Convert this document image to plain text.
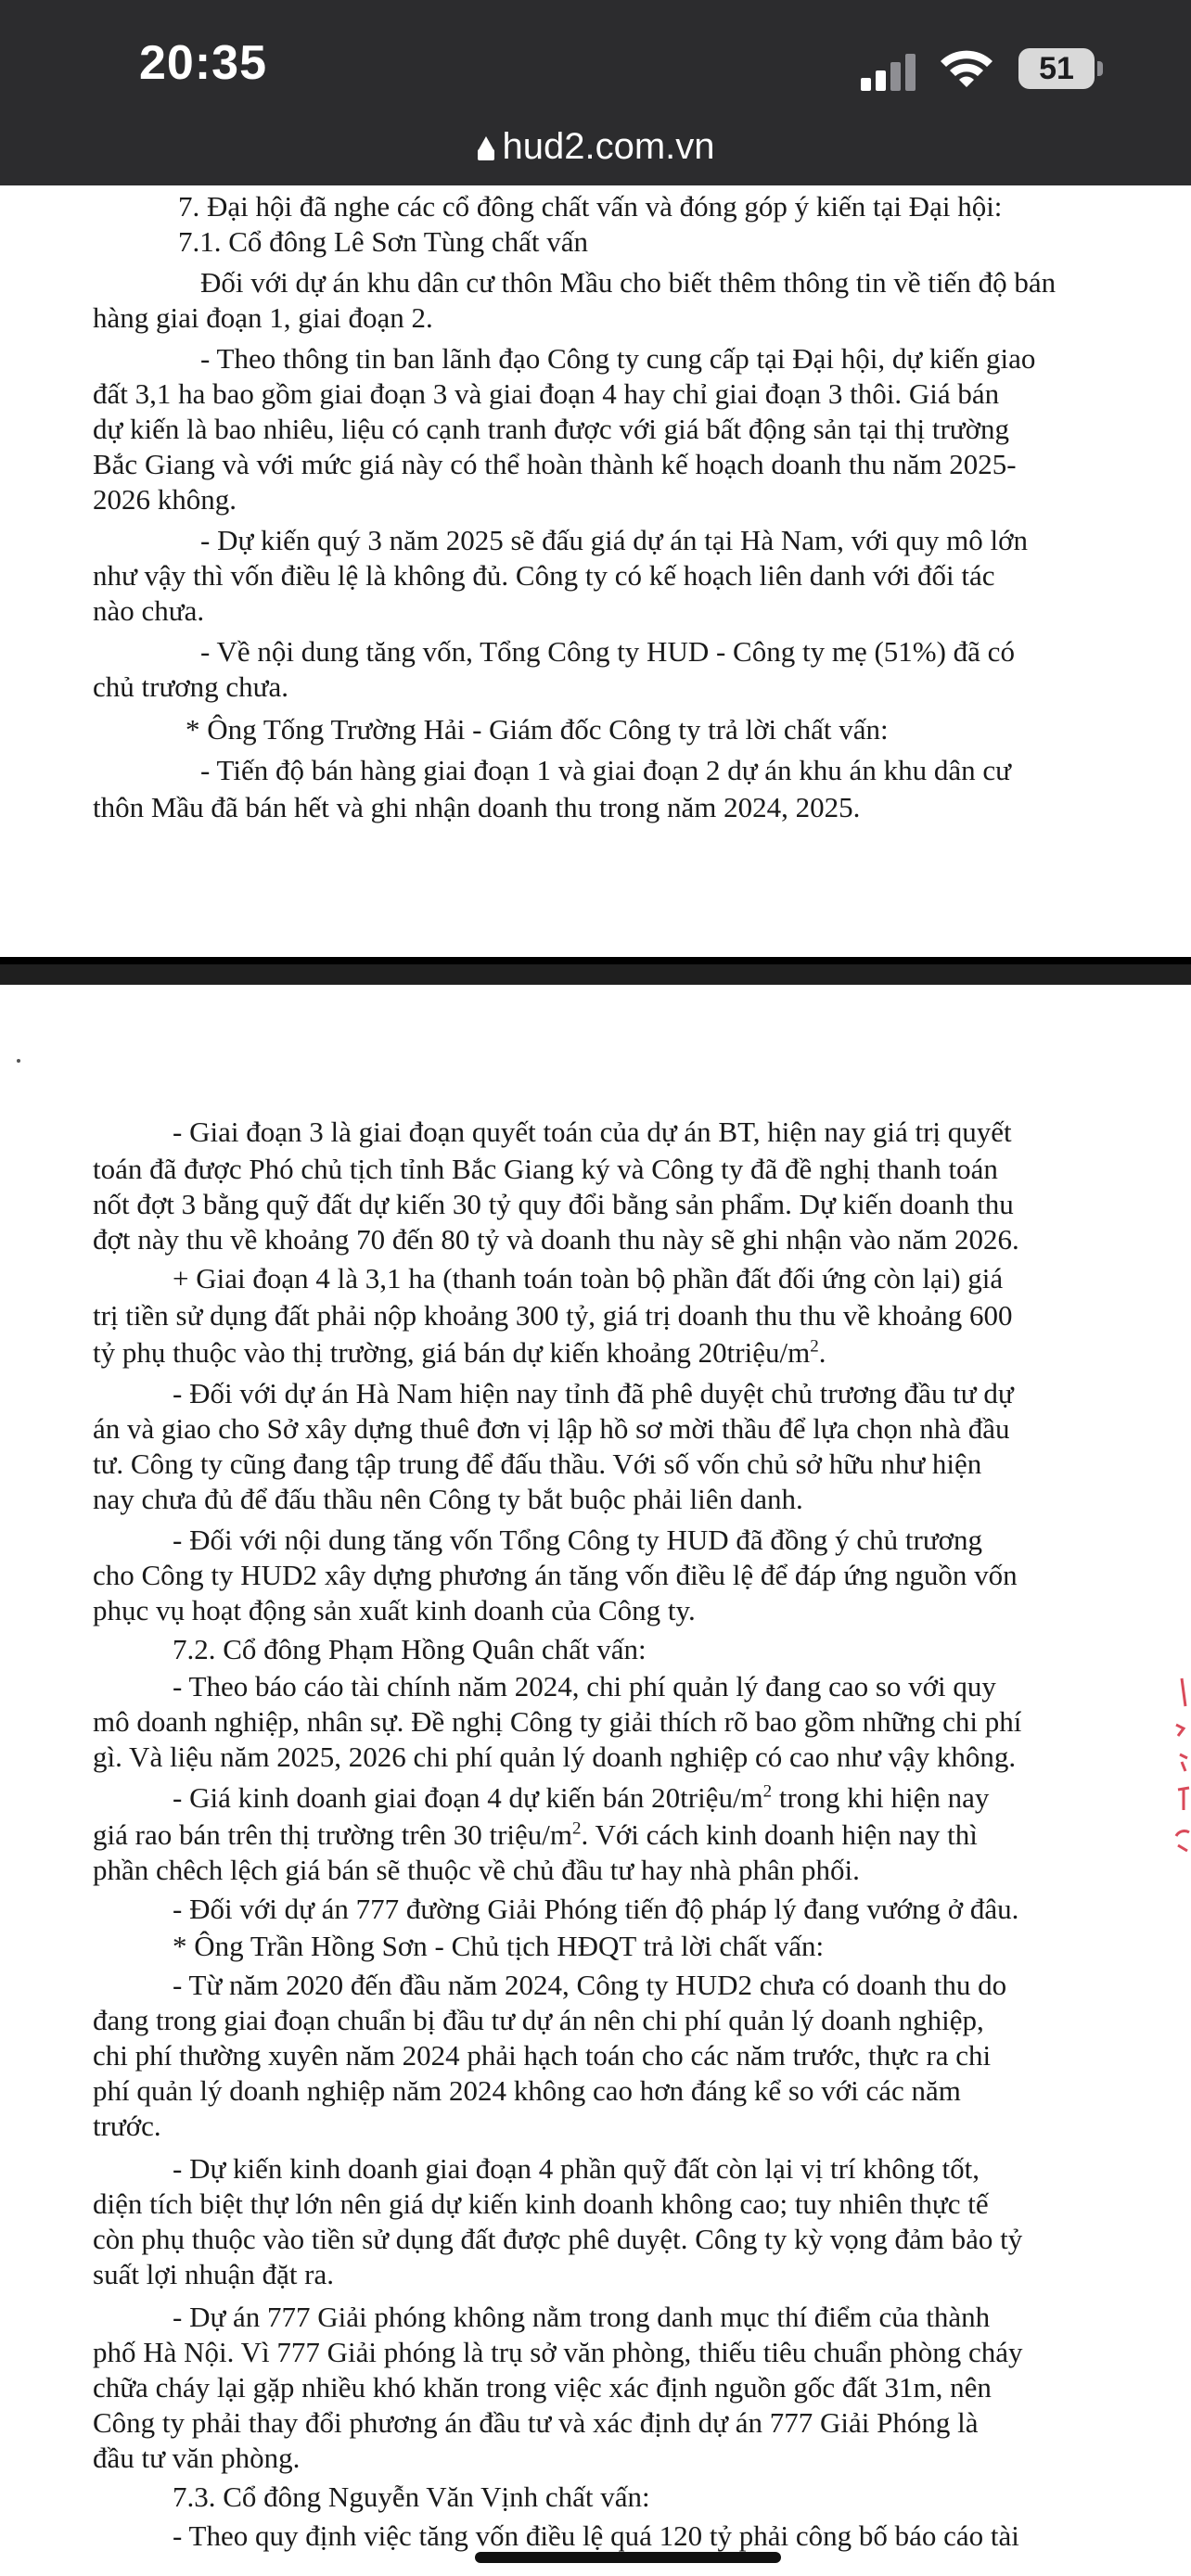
20:35	51
hud2.com.vn
7. Đại hội đã nghe các cổ đông chất vấn và đóng góp ý kiến tại Đại hội:
7.1. Cổ đông Lê Sơn Tùng chất vấn
Đối với dự án khu dân cư thôn Mầu cho biết thêm thông tin về tiến độ bán
hàng giai đoạn 1, giai đoạn 2.
- Theo thông tin ban lãnh đạo Công ty cung cấp tại Đại hội, dự kiến giao
đất 3,1 ha bao gồm giai đoạn 3 và giai đoạn 4 hay chỉ giai đoạn 3 thôi. Giá bán
dự kiến là bao nhiêu, liệu có cạnh tranh được với giá bất động sản tại thị trường
Bắc Giang và với mức giá này có thể hoàn thành kế hoạch doanh thu năm 2025-
2026 không.
- Dự kiến quý 3 năm 2025 sẽ đấu giá dự án tại Hà Nam, với quy mô lớn
như vậy thì vốn điều lệ là không đủ. Công ty có kế hoạch liên danh với đối tác
nào chưa.
- Về nội dung tăng vốn, Tổng Công ty HUD - Công ty mẹ (51%) đã có
chủ trương chưa.
* Ông Tống Trường Hải - Giám đốc Công ty trả lời chất vấn:
- Tiến độ bán hàng giai đoạn 1 và giai đoạn 2 dự án khu án khu dân cư
thôn Mầu đã bán hết và ghi nhận doanh thu trong năm 2024, 2025.
- Giai đoạn 3 là giai đoạn quyết toán của dự án BT, hiện nay giá trị quyết
toán đã được Phó chủ tịch tỉnh Bắc Giang ký và Công ty đã đề nghị thanh toán
nốt đợt 3 bằng quỹ đất dự kiến 30 tỷ quy đổi bằng sản phẩm. Dự kiến doanh thu
đợt này thu về khoảng 70 đến 80 tỷ và doanh thu này sẽ ghi nhận vào năm 2026.
+ Giai đoạn 4 là 3,1 ha (thanh toán toàn bộ phần đất đối ứng còn lại) giá
trị tiền sử dụng đất phải nộp khoảng 300 tỷ, giá trị doanh thu thu về khoảng 600
tỷ phụ thuộc vào thị trường, giá bán dự kiến khoảng $20triệu/m^2$.
- Đối với dự án Hà Nam hiện nay tỉnh đã phê duyệt chủ trương đầu tư dự
án và giao cho Sở xây dựng thuê đơn vị lập hồ sơ mời thầu để lựa chọn nhà đầu
tư. Công ty cũng đang tập trung để đấu thầu. Với số vốn chủ sở hữu như hiện
nay chưa đủ để đấu thầu nên Công ty bắt buộc phải liên danh.
- Đối với nội dung tăng vốn Tổng Công ty HUD đã đồng ý chủ trương
cho Công ty HUD2 xây dựng phương án tăng vốn điều lệ để đáp ứng nguồn vốn
phục vụ hoạt động sản xuất kinh doanh của Công ty.
7.2. Cổ đông Phạm Hồng Quân chất vấn:
- Theo báo cáo tài chính năm 2024, chi phí quản lý đang cao so với quy
mô doanh nghiệp, nhân sự. Đề nghị Công ty giải thích rõ bao gồm những chi phí
gì. Và liệu năm 2025, 2026 chi phí quản lý doanh nghiệp có cao như vậy không.
- Giá kinh doanh giai đoạn 4 dự kiến bán $20triệu/m^2$ trong khi hiện nay
giá rao bán trên thị trường trên 30 triệu/$m^2$. Với cách kinh doanh hiện nay thì
phần chêch lệch giá bán sẽ thuộc về chủ đầu tư hay nhà phân phối.
- Đối với dự án 777 đường Giải Phóng tiến độ pháp lý đang vướng ở đâu.
* Ông Trần Hồng Sơn - Chủ tịch HĐQT trả lời chất vấn:
- Từ năm 2020 đến đầu năm 2024, Công ty HUD2 chưa có doanh thu do
đang trong giai đoạn chuẩn bị đầu tư dự án nên chi phí quản lý doanh nghiệp,
chi phí thường xuyên năm 2024 phải hạch toán cho các năm trước, thực ra chi
phí quản lý doanh nghiệp năm 2024 không cao hơn đáng kể so với các năm
trước.
- Dự kiến kinh doanh giai đoạn 4 phần quỹ đất còn lại vị trí không tốt,
diện tích biệt thự lớn nên giá dự kiến kinh doanh không cao; tuy nhiên thực tế
còn phụ thuộc vào tiền sử dụng đất được phê duyệt. Công ty kỳ vọng đảm bảo tỷ
suất lợi nhuận đặt ra.
- Dự án 777 Giải phóng không nằm trong danh mục thí điểm của thành
phố Hà Nội. Vì 777 Giải phóng là trụ sở văn phòng, thiếu tiêu chuẩn phòng cháy
chữa cháy lại gặp nhiều khó khăn trong việc xác định nguồn gốc đất 31m, nên
Công ty phải thay đổi phương án đầu tư và xác định dự án 777 Giải Phóng là
đầu tư văn phòng.
7.3. Cổ đông Nguyễn Văn Vịnh chất vấn:
- Theo quy định việc tăng vốn điều lệ quá 120 tỷ phải công bố báo cáo tài
